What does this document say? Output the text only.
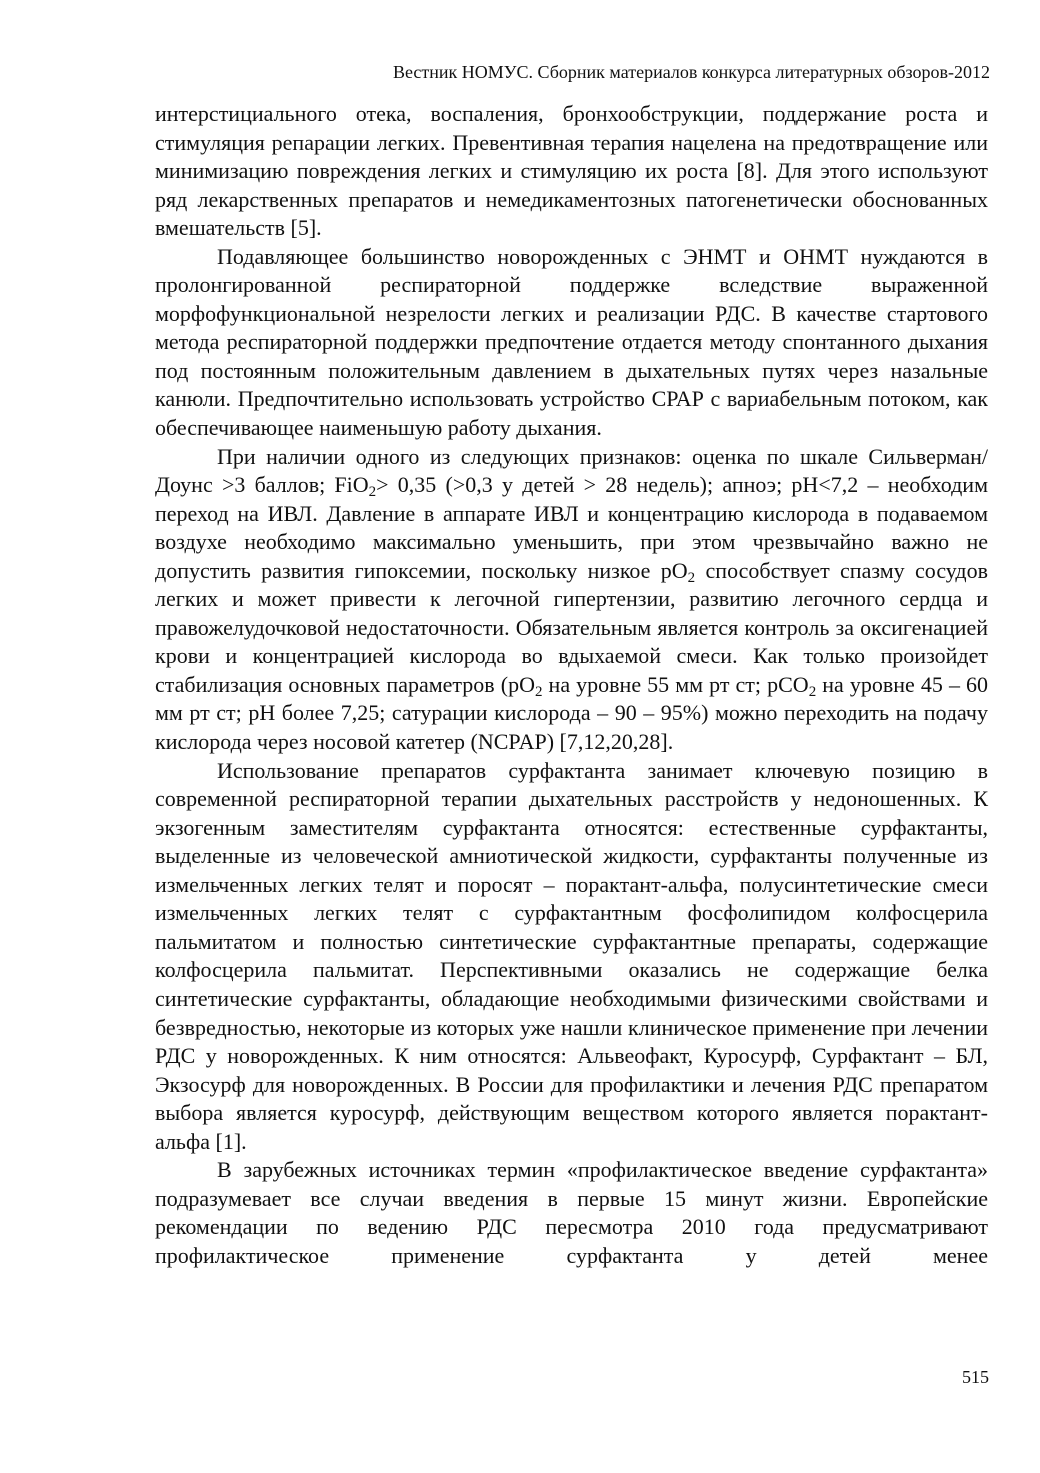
Вестник НОМУС. Сборник материалов конкурса литературных обзоров-2012

интерстициального отека, воспаления, бронхообструкции, поддержание роста и стимуляция репарации легких. Превентивная терапия нацелена на предотвращение или минимизацию повреждения легких и стимуляцию их роста [8]. Для этого используют ряд лекарственных препаратов и немедикаментозных патогенетически обоснованных вмешательств [5].

Подавляющее большинство новорожденных с ЭНМТ и ОНМТ нуждаются в пролонгированной респираторной поддержке вследствие выраженной морфофункциональной незрелости легких и реализации РДС. В качестве стартового метода респираторной поддержки предпочтение отдается методу спонтанного дыхания под постоянным положительным давлением в дыхательных путях через назальные канюли. Предпочтительно использовать устройство СРАР с вариабельным потоком, как обеспечивающее наименьшую работу дыхания.

При наличии одного из следующих признаков: оценка по шкале Сильверман/Доунс >3 баллов; FiO$_2$> 0,35 (>0,3 у детей > 28 недель); апноэ; рН<7,2 – необходим переход на ИВЛ. Давление в аппарате ИВЛ и концентрацию кислорода в подаваемом воздухе необходимо максимально уменьшить, при этом чрезвычайно важно не допустить развития гипоксемии, поскольку низкое $рО_2$ способствует спазму сосудов легких и может привести к легочной гипертензии, развитию легочного сердца и правожелудочковой недостаточности. Обязательным является контроль за оксигенацией крови и концентрацией кислорода во вдыхаемой смеси. Как только произойдет стабилизация основных параметров ($рО_2$ на уровне 55 мм рт ст; рСО$_2$ на уровне 45 – 60 мм рт ст; рН более 7,25; сатурации кислорода – 90 – 95%) можно переходить на подачу кислорода через носовой катетер (NCPAP) [7,12,20,28].

Использование препаратов сурфактанта занимает ключевую позицию в современной респираторной терапии дыхательных расстройств у недоношенных. К экзогенным заместителям сурфактанта относятся: естественные сурфактанты, выделенные из человеческой амниотической жидкости, сурфактанты полученные из измельченных легких телят и поросят – порактант-альфа, полусинтетические смеси измельченных легких телят с сурфактантным фосфолипидом колфосцерила пальмитатом и полностью синтетические сурфактантные препараты, содержащие колфосцерила пальмитат. Перспективными оказались не содержащие белка синтетические сурфактанты, обладающие необходимыми физическими свойствами и безвредностью, некоторые из которых уже нашли клиническое применение при лечении РДС у новорожденных. К ним относятся: Альвеофакт, Куросурф, Сурфактант – БЛ, Экзосурф для новорожденных. В России для профилактики и лечения РДС препаратом выбора является куросурф, действующим веществом которого является порактант-альфа [1].

В зарубежных источниках термин «профилактическое введение сурфактанта» подразумевает все случаи введения в первые 15 минут жизни. Европейские рекомендации по ведению РДС пересмотра 2010 года предусматривают профилактическое применение сурфактанта у детей менее

515
